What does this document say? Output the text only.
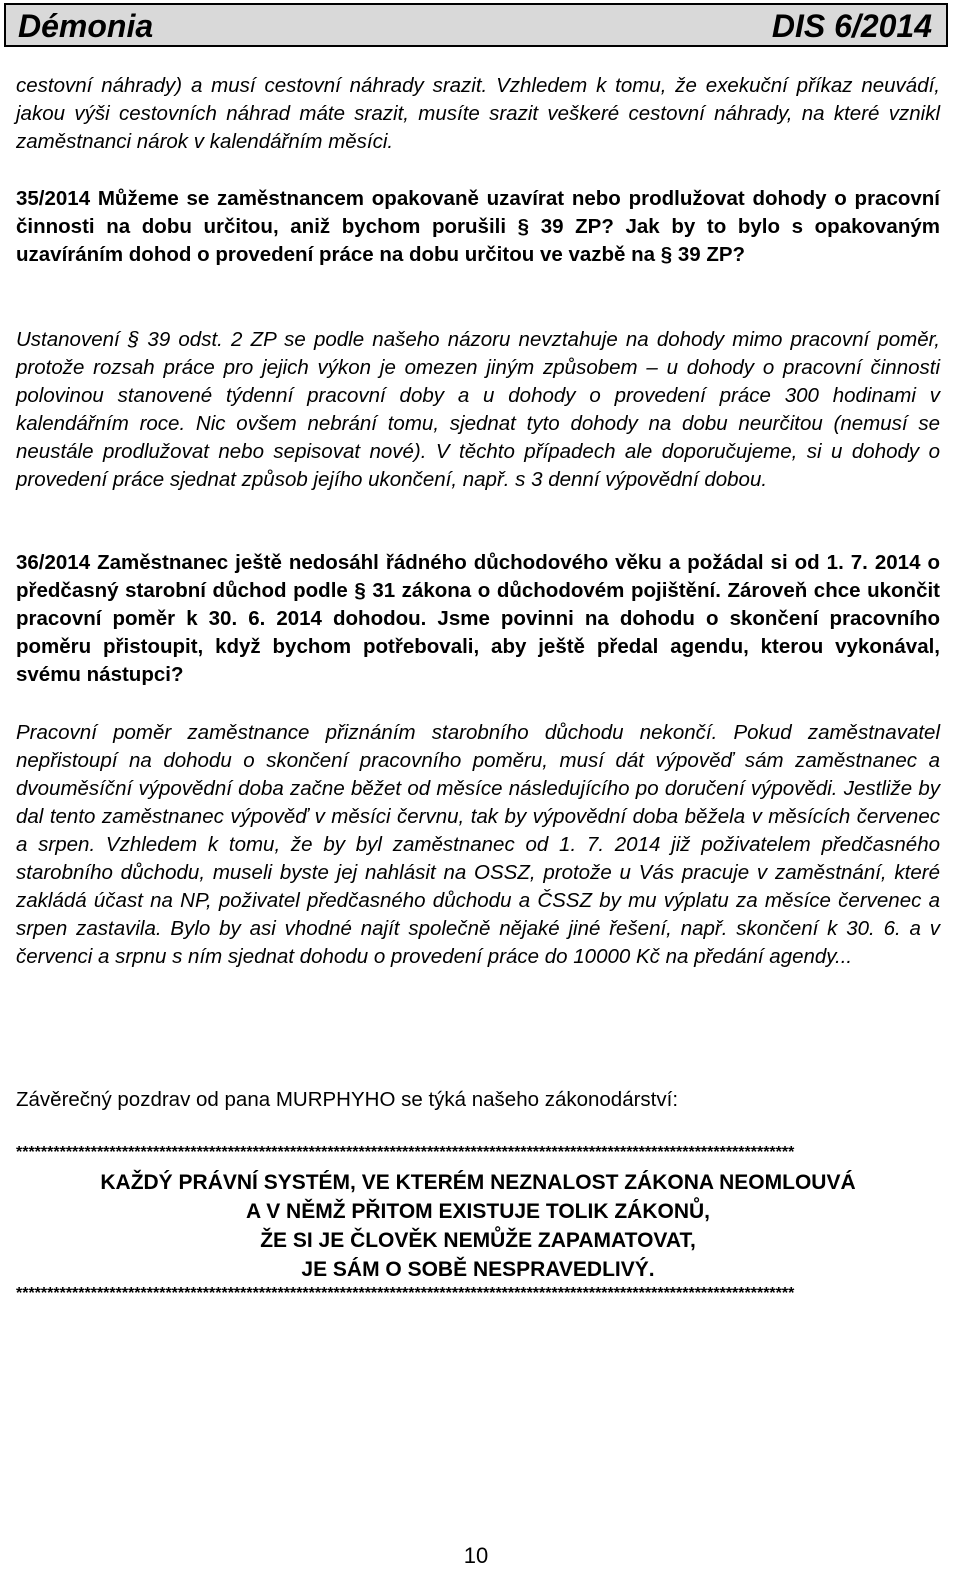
Démonia	DIS 6/2014

cestovní náhrady) a musí cestovní náhrady srazit. Vzhledem k tomu, že exekuční příkaz neuvádí, jakou výši cestovních náhrad máte srazit, musíte srazit veškeré cestovní náhrady, na které vznikl zaměstnanci nárok v kalendářním měsíci.

35/2014 Můžeme se zaměstnancem opakovaně uzavírat nebo prodlužovat dohody o pracovní činnosti na dobu určitou, aniž bychom porušili § 39 ZP? Jak by to bylo s opakovaným uzavíráním dohod o provedení práce na dobu určitou ve vazbě na § 39 ZP?

Ustanovení § 39 odst. 2 ZP se podle našeho názoru nevztahuje na dohody mimo pracovní poměr, protože rozsah práce pro jejich výkon je omezen jiným způsobem – u dohody o pracovní činnosti polovinou stanovené týdenní pracovní doby a u dohody o provedení práce 300 hodinami v kalendářním roce. Nic ovšem nebrání tomu, sjednat tyto dohody na dobu neurčitou (nemusí se neustále prodlužovat nebo sepisovat nové). V těchto případech ale doporučujeme, si u dohody o provedení práce sjednat způsob jejího ukončení, např. s 3 denní výpovědní dobou.

36/2014 Zaměstnanec ještě nedosáhl řádného důchodového věku a požádal si od 1. 7. 2014 o předčasný starobní důchod podle § 31 zákona o důchodovém pojištění. Zároveň chce ukončit pracovní poměr k 30. 6. 2014 dohodou. Jsme povinni na dohodu o skončení pracovního poměru přistoupit, když bychom potřebovali, aby ještě předal agendu, kterou vykonával, svému nástupci?

Pracovní poměr zaměstnance přiznáním starobního důchodu nekončí. Pokud zaměstnavatel nepřistoupí na dohodu o skončení pracovního poměru, musí dát výpověď sám zaměstnanec a dvouměsíční výpovědní doba začne běžet od měsíce následujícího po doručení výpovědi. Jestliže by dal tento zaměstnanec výpověď v měsíci červnu, tak by výpovědní doba běžela v měsících červenec a srpen. Vzhledem k tomu, že by byl zaměstnanec od 1. 7. 2014 již poživatelem předčasného starobního důchodu, museli byste jej nahlásit na OSSZ, protože u Vás pracuje v zaměstnání, které zakládá účast na NP, poživatel předčasného důchodu a ČSSZ by mu výplatu za měsíce červenec a srpen zastavila. Bylo by asi vhodné najít společně nějaké jiné řešení, např. skončení k 30. 6. a v červenci a srpnu s ním sjednat dohodu o provedení práce do 10000 Kč na předání agendy...

Závěrečný pozdrav od pana MURPHYHO se týká našeho zákonodárství:

*****************************************************************************************************************************
KAŽDÝ PRÁVNÍ SYSTÉM, VE KTERÉM NEZNALOST ZÁKONA NEOMLOUVÁ
A V NĚMŽ PŘITOM EXISTUJE TOLIK ZÁKONŮ,
ŽE SI JE ČLOVĚK NEMŮŽE ZAPAMATOVAT,
JE SÁM O SOBĚ NESPRAVEDLIVÝ.
*****************************************************************************************************************************
10
